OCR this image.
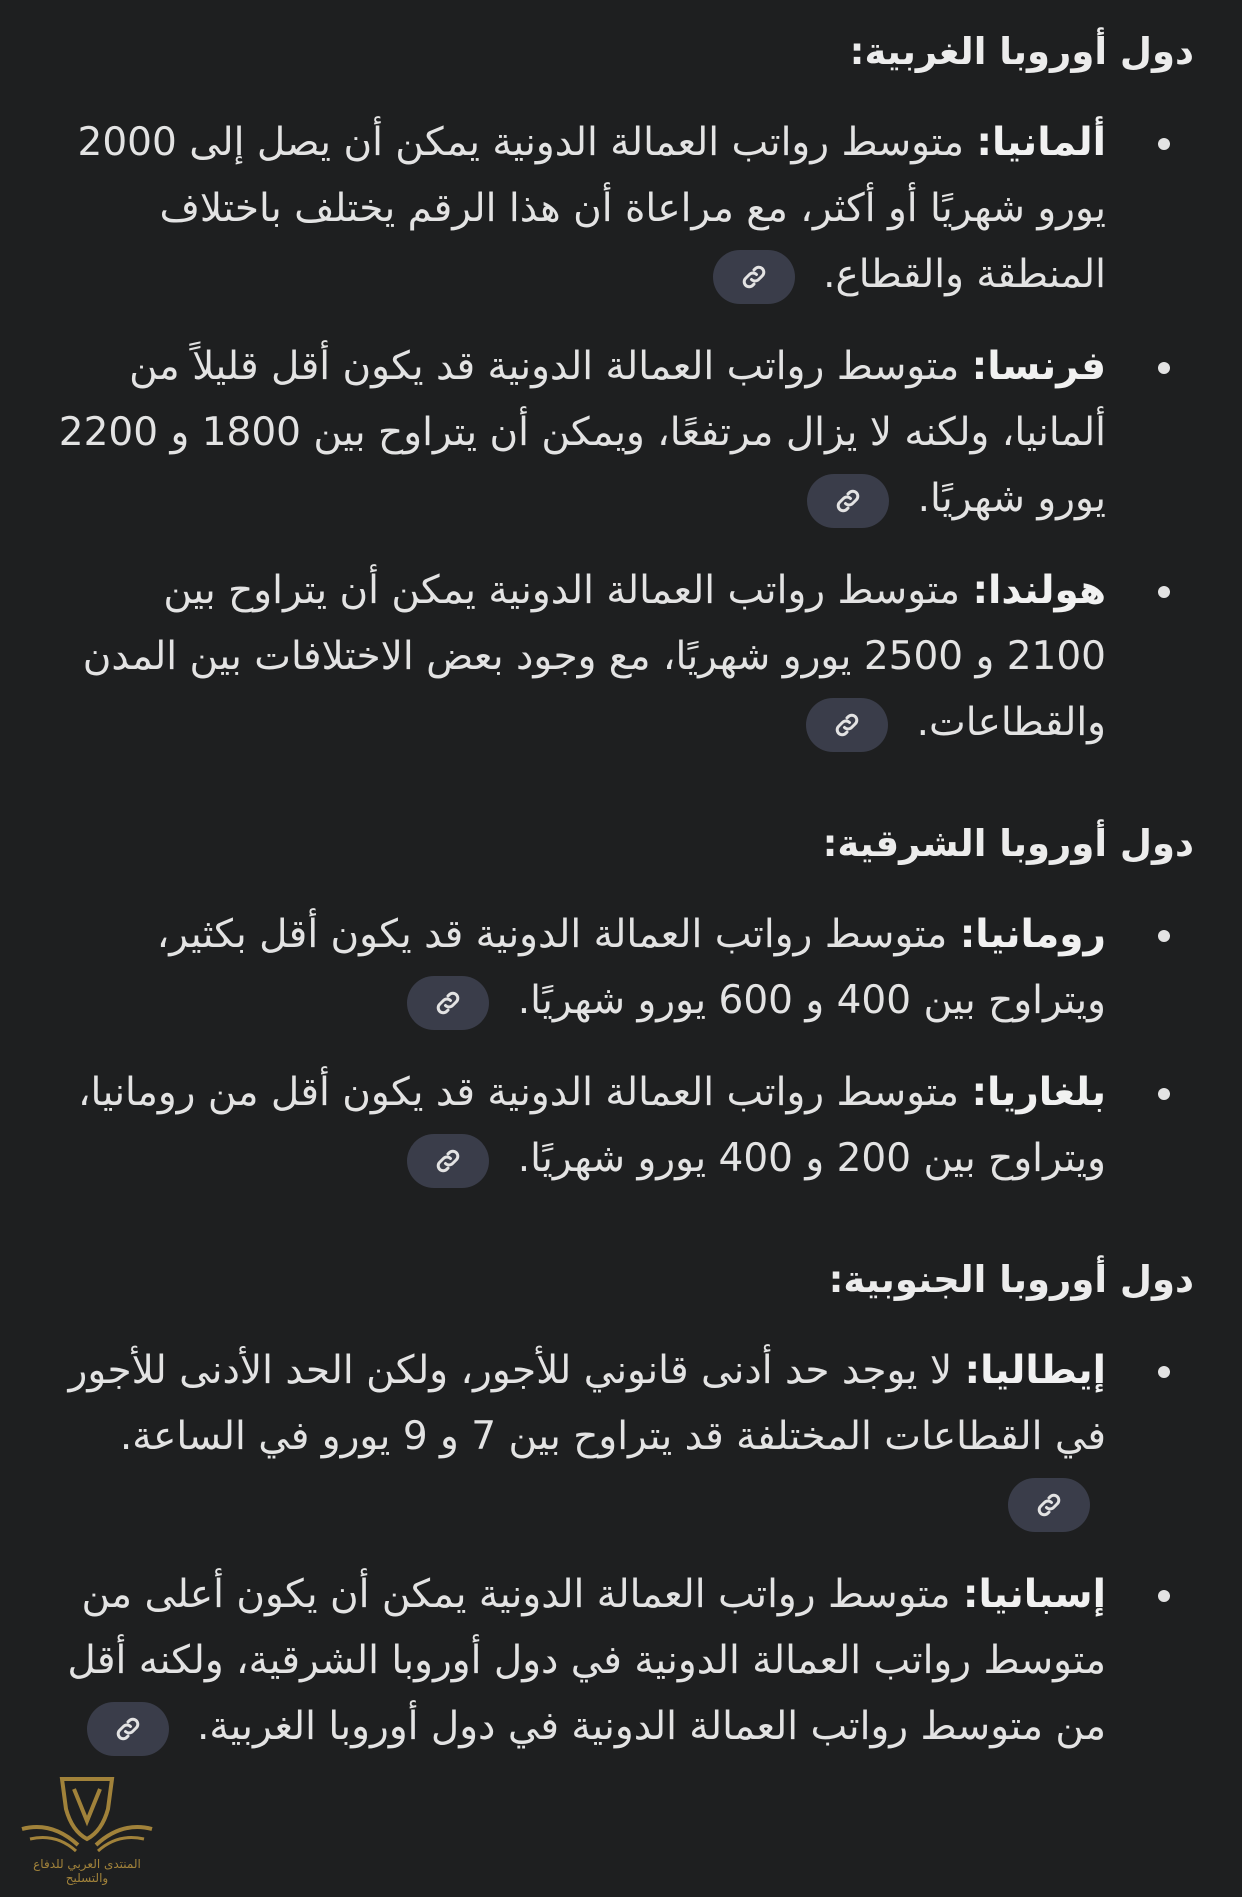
دول أوروبا الغربية:
ألمانيا: متوسط رواتب العمالة الدونية يمكن أن يصل إلى 2000 يورو شهريًا أو أكثر، مع مراعاة أن هذا الرقم يختلف باختلاف المنطقة والقطاع.
فرنسا: متوسط رواتب العمالة الدونية قد يكون أقل قليلاً من ألمانيا، ولكنه لا يزال مرتفعًا، ويمكن أن يتراوح بين 1800 و 2200 يورو شهريًا.
هولندا: متوسط رواتب العمالة الدونية يمكن أن يتراوح بين 2100 و 2500 يورو شهريًا، مع وجود بعض الاختلافات بين المدن والقطاعات.
دول أوروبا الشرقية:
رومانيا: متوسط رواتب العمالة الدونية قد يكون أقل بكثير، ويتراوح بين 400 و 600 يورو شهريًا.
بلغاريا: متوسط رواتب العمالة الدونية قد يكون أقل من رومانيا، ويتراوح بين 200 و 400 يورو شهريًا.
دول أوروبا الجنوبية:
إيطاليا: لا يوجد حد أدنى قانوني للأجور، ولكن الحد الأدنى للأجور في القطاعات المختلفة قد يتراوح بين 7 و 9 يورو في الساعة.
إسبانيا: متوسط رواتب العمالة الدونية يمكن أن يكون أعلى من متوسط رواتب العمالة الدونية في دول أوروبا الشرقية، ولكنه أقل من متوسط رواتب العمالة الدونية في دول أوروبا الغربية.
المنتدى العربي للدفاع والتسليح
